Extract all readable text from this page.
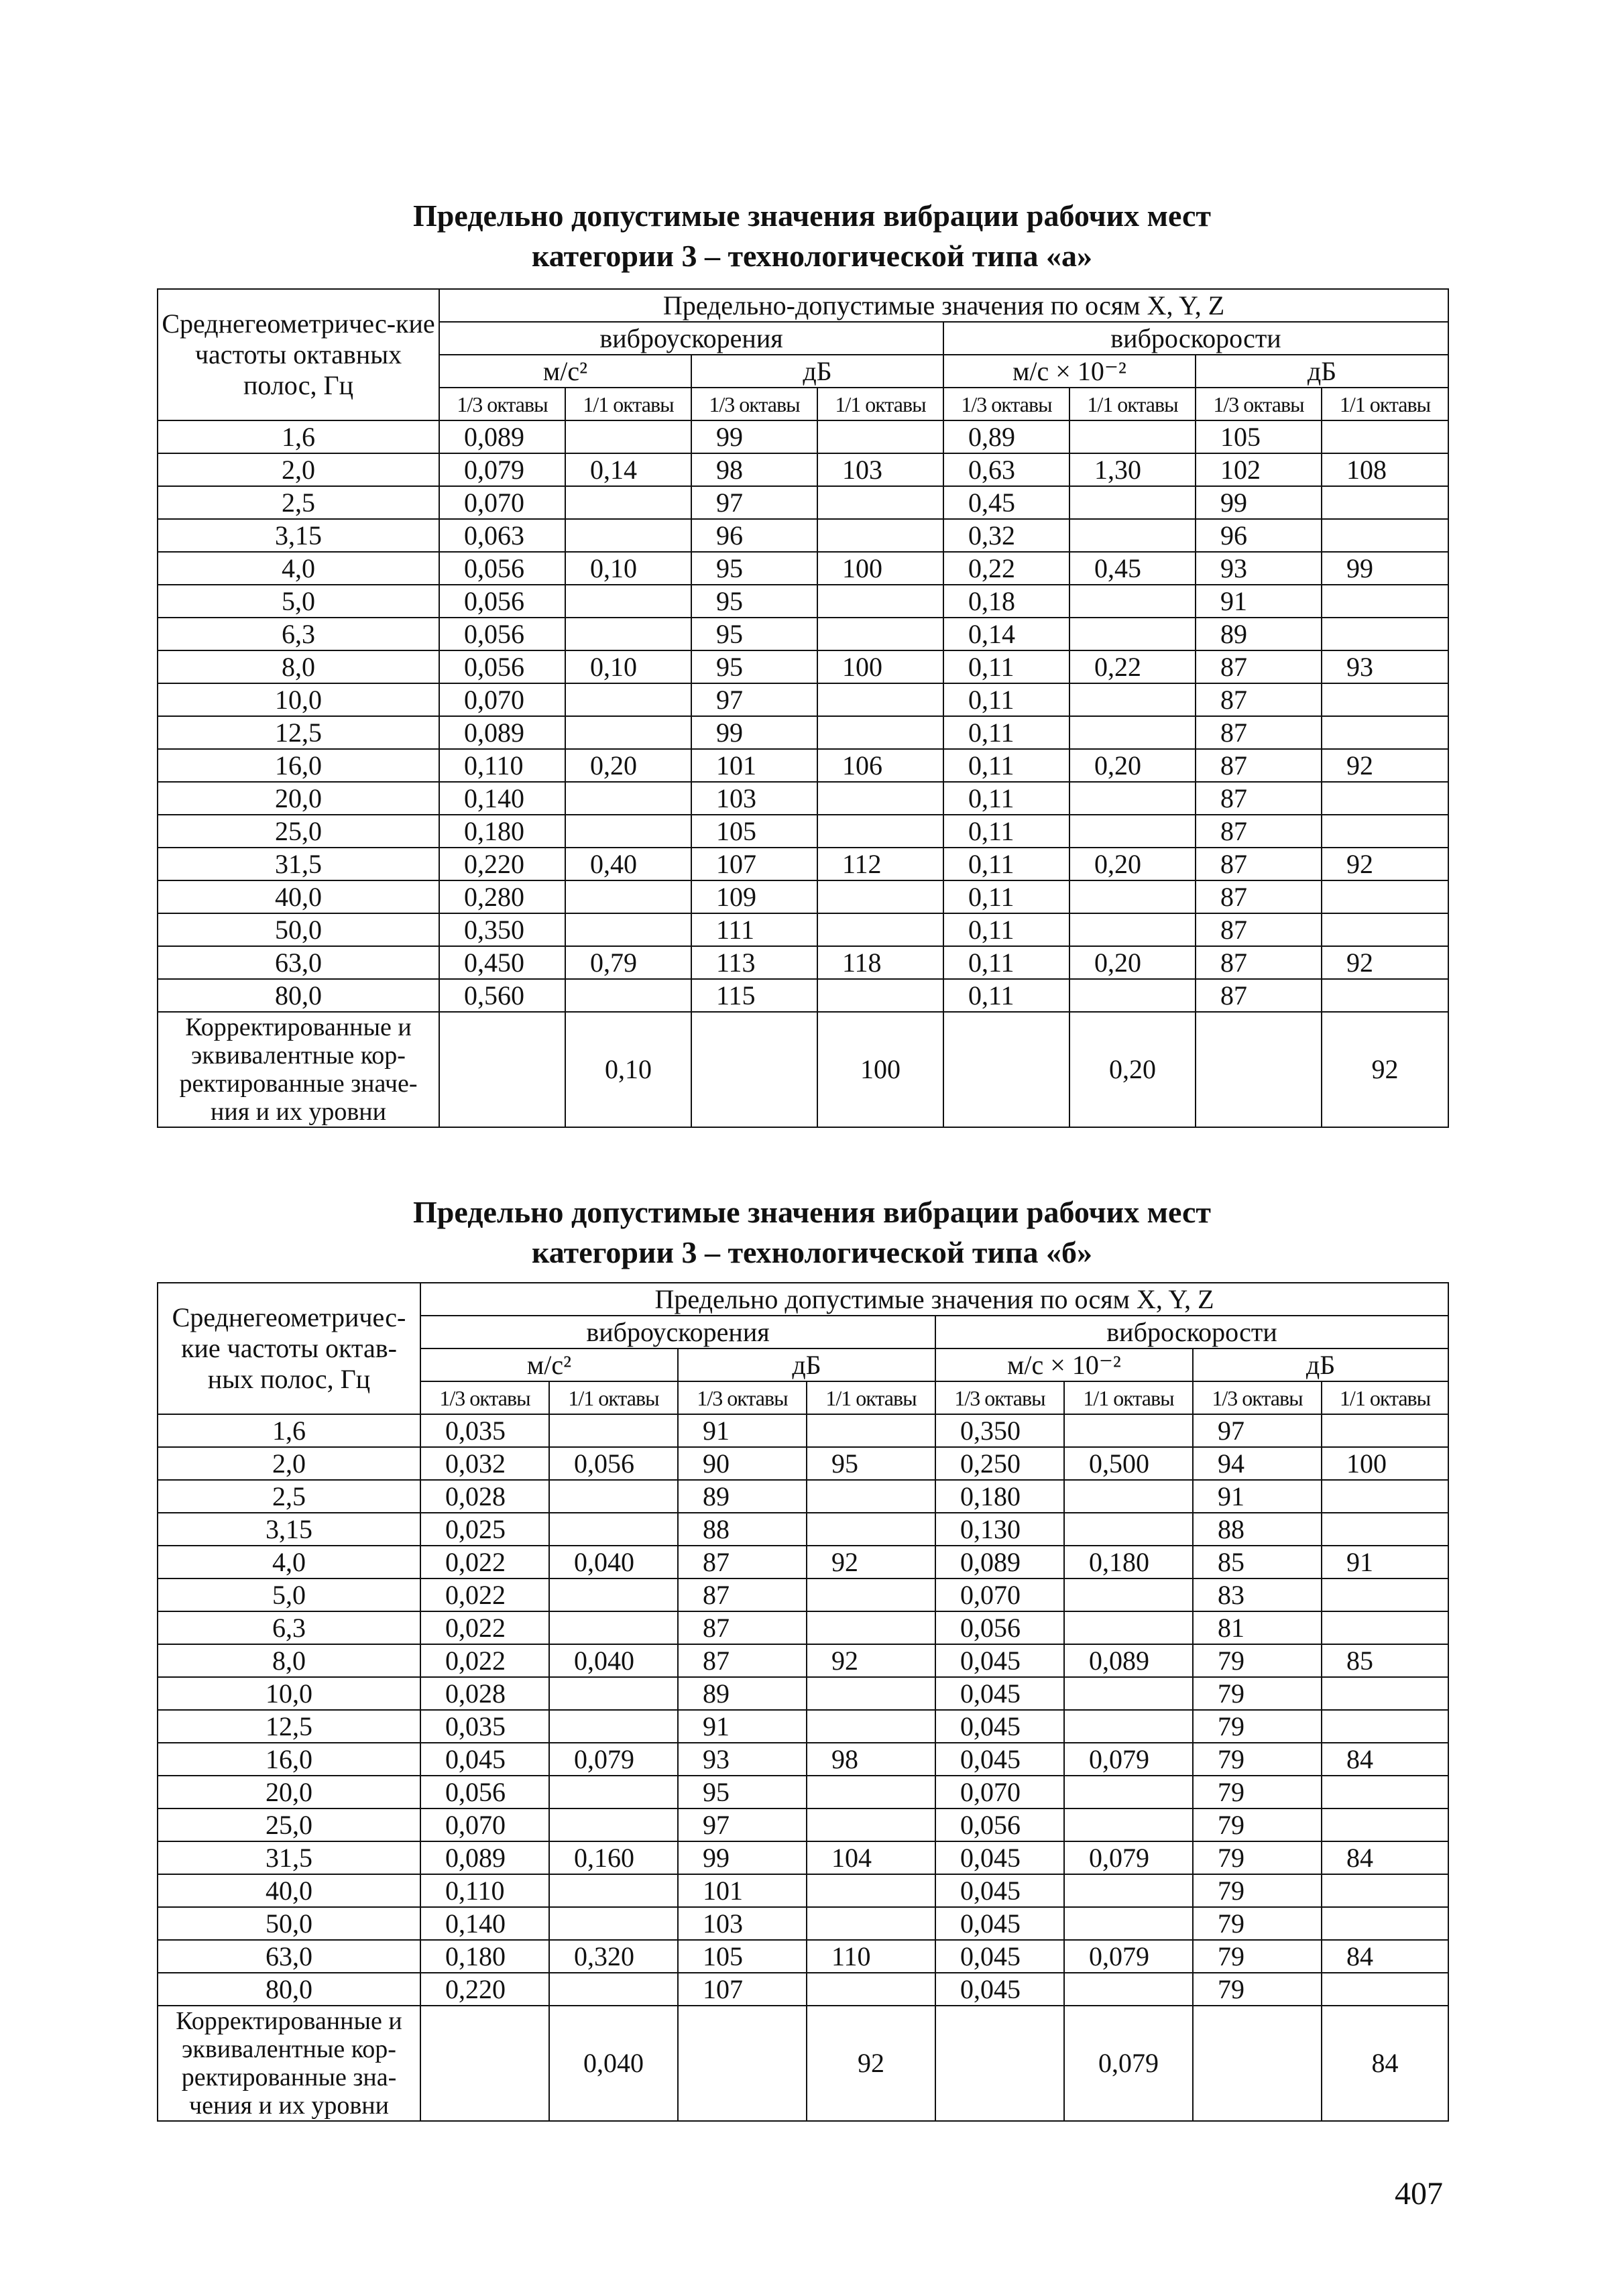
Предельно допустимые значения вибрации рабочих мест
категории 3 – технологической типа «а»
Среднегеометричес-кие частоты октавных полос, Гц	Предельно-допустимые значения по осям X, Y, Z							
	виброускорения				виброскорости			
	м/с²		дБ		м/с × 10⁻²		дБ	
	1/3 октавы	1/1 октавы	1/3 октавы	1/1 октавы	1/3 октавы	1/1 октавы	1/3 октавы	1/1 октавы
1,6	0,089		99		0,89		105	
2,0	0,079	0,14	98	103	0,63	1,30	102	108
2,5	0,070		97		0,45		99	
3,15	0,063		96		0,32		96	
4,0	0,056	0,10	95	100	0,22	0,45	93	99
5,0	0,056		95		0,18		91	
6,3	0,056		95		0,14		89	
8,0	0,056	0,10	95	100	0,11	0,22	87	93
10,0	0,070		97		0,11		87	
12,5	0,089		99		0,11		87	
16,0	0,110	0,20	101	106	0,11	0,20	87	92
20,0	0,140		103		0,11		87	
25,0	0,180		105		0,11		87	
31,5	0,220	0,40	107	112	0,11	0,20	87	92
40,0	0,280		109		0,11		87	
50,0	0,350		111		0,11		87	
63,0	0,450	0,79	113	118	0,11	0,20	87	92
80,0	0,560		115		0,11		87	
Корректированные и эквивалентные кор-ректированные значе-ния и их уровни		0,10		100		0,20		92
Предельно допустимые значения вибрации рабочих мест
категории 3 – технологической типа «б»
Среднегеометричес-кие частоты октав-ных полос, Гц	Предельно допустимые значения по осям X, Y, Z							
	виброускорения				виброскорости			
	м/с²		дБ		м/с × 10⁻²		дБ	
	1/3 октавы	1/1 октавы	1/3 октавы	1/1 октавы	1/3 октавы	1/1 октавы	1/3 октавы	1/1 октавы
1,6	0,035		91		0,350		97	
2,0	0,032	0,056	90	95	0,250	0,500	94	100
2,5	0,028		89		0,180		91	
3,15	0,025		88		0,130		88	
4,0	0,022	0,040	87	92	0,089	0,180	85	91
5,0	0,022		87		0,070		83	
6,3	0,022		87		0,056		81	
8,0	0,022	0,040	87	92	0,045	0,089	79	85
10,0	0,028		89		0,045		79	
12,5	0,035		91		0,045		79	
16,0	0,045	0,079	93	98	0,045	0,079	79	84
20,0	0,056		95		0,070		79	
25,0	0,070		97		0,056		79	
31,5	0,089	0,160	99	104	0,045	0,079	79	84
40,0	0,110		101		0,045		79	
50,0	0,140		103		0,045		79	
63,0	0,180	0,320	105	110	0,045	0,079	79	84
80,0	0,220		107		0,045		79	
Корректированные и эквивалентные кор-ректированные зна-чения и их уровни		0,040		92		0,079		84
407
